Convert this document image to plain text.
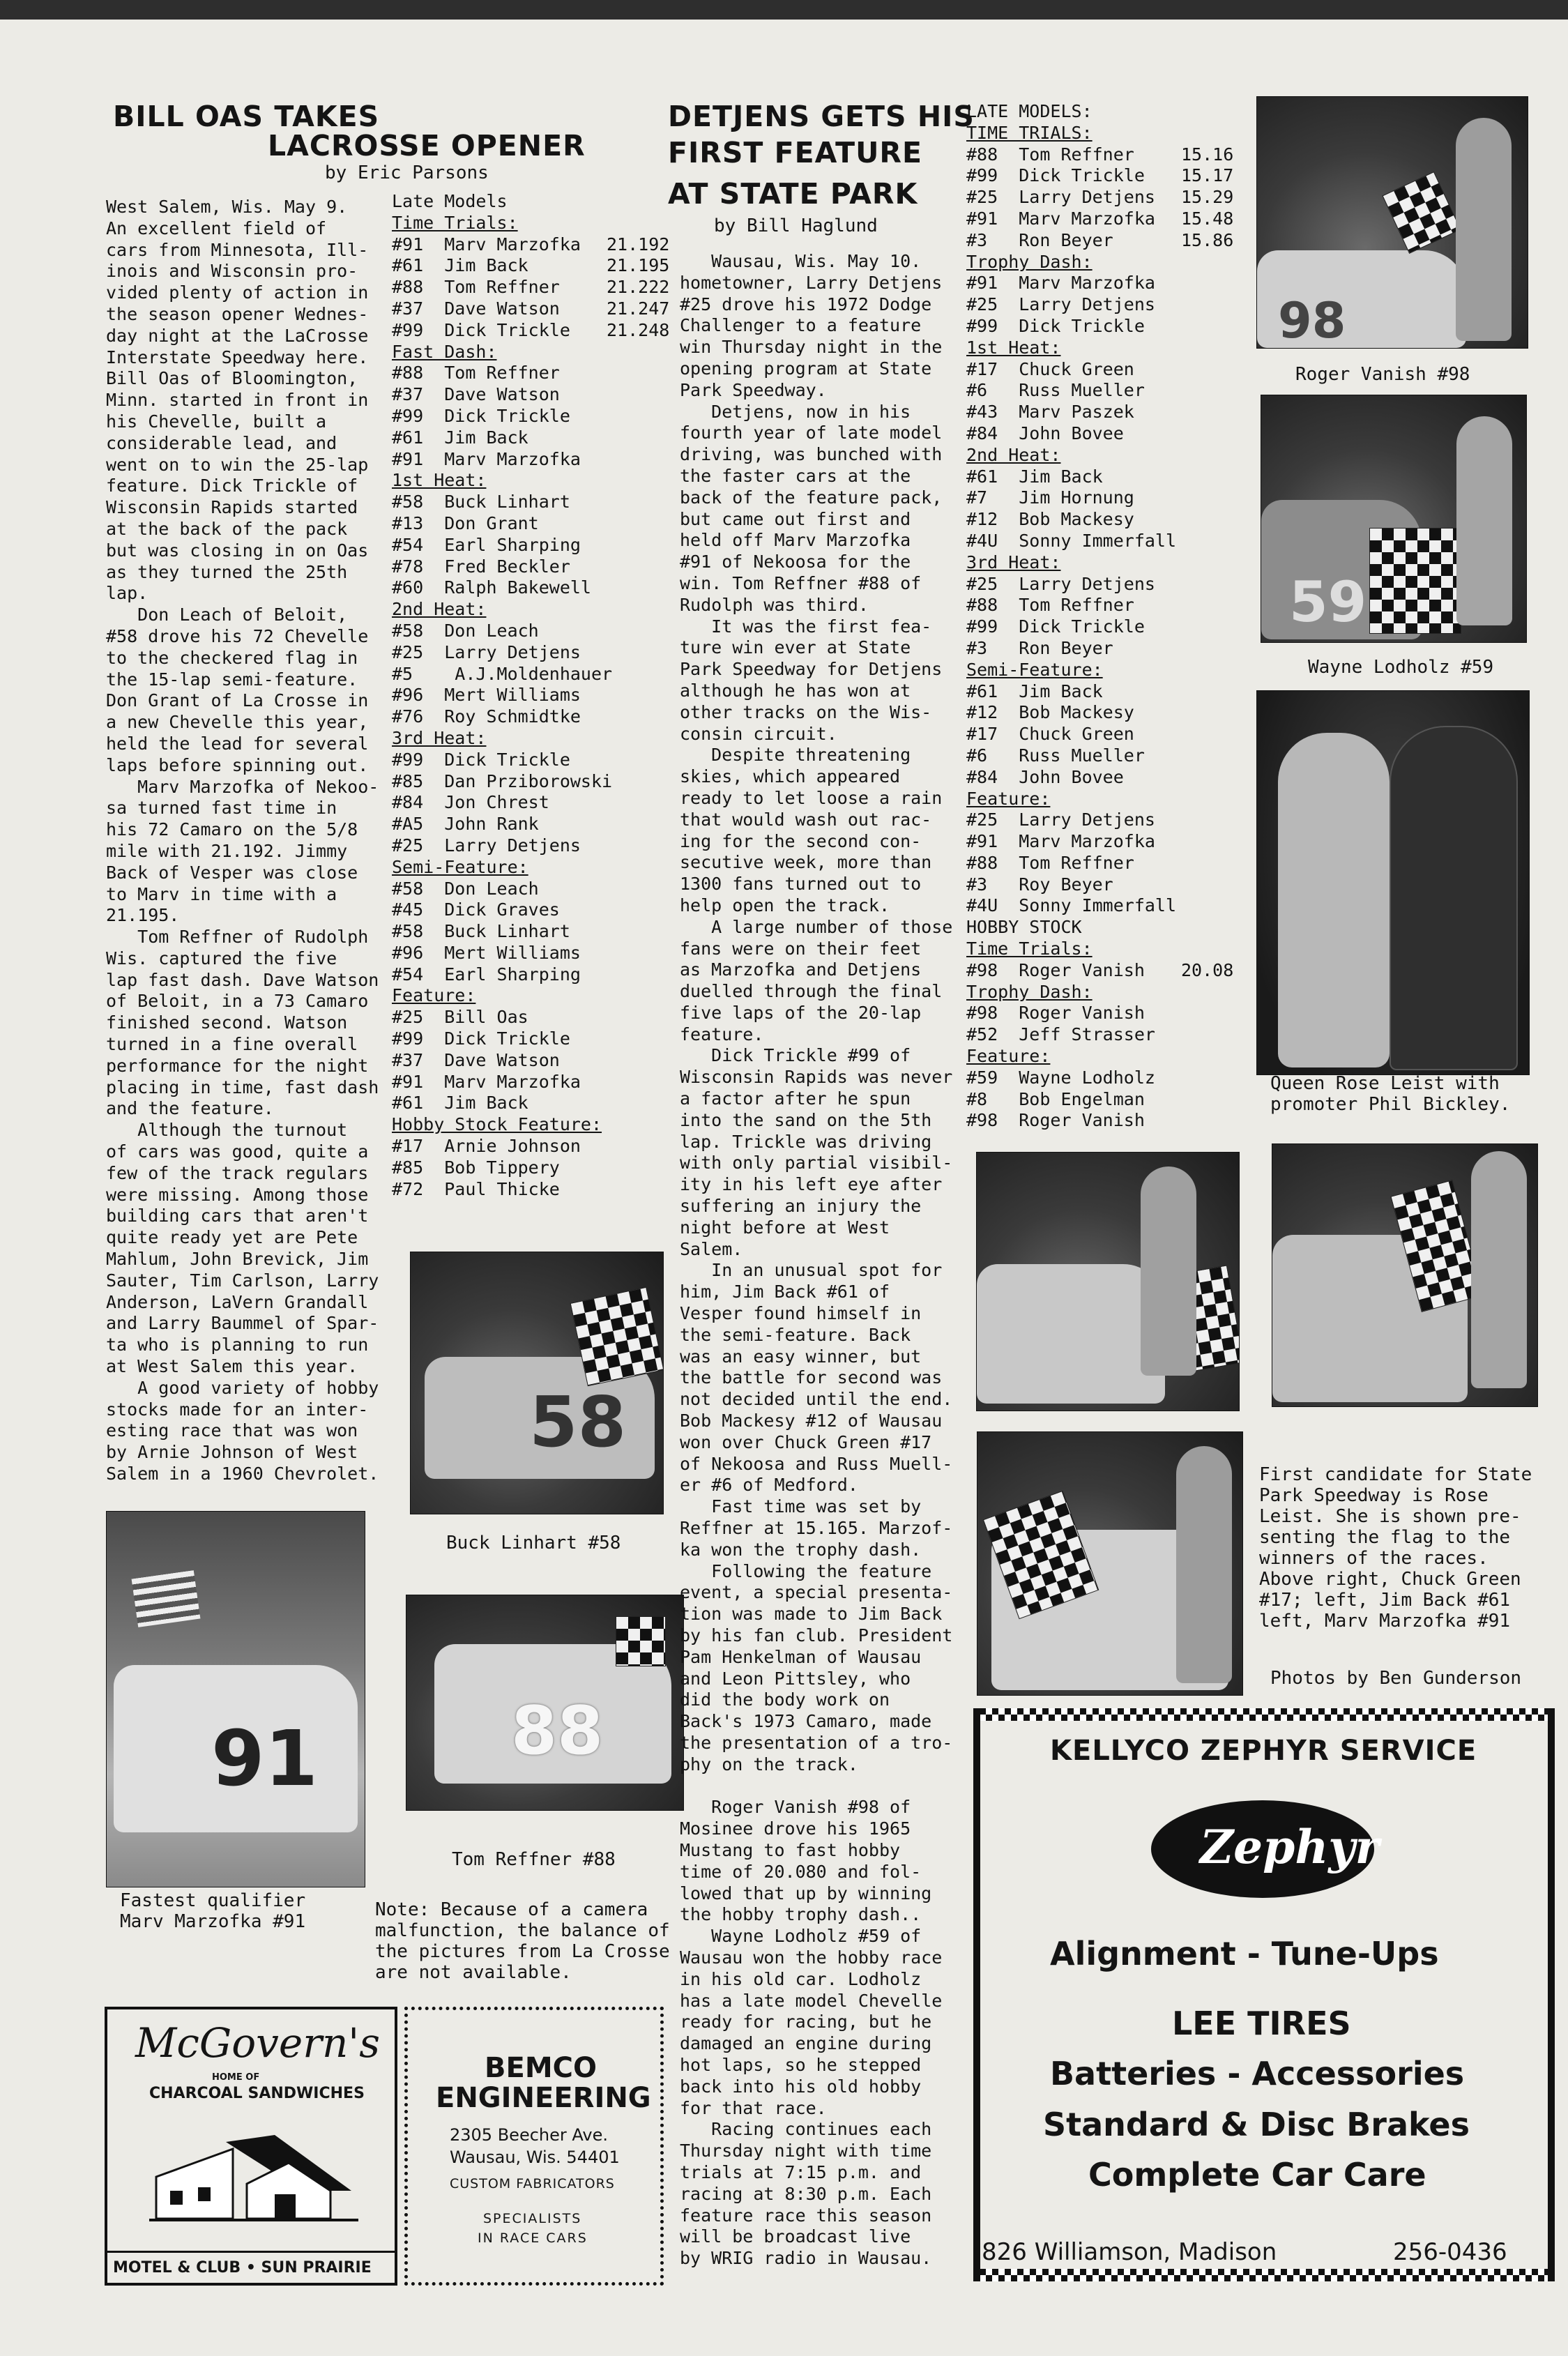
BILL OAS TAKES
LACROSSE OPENER
by Eric Parsons
West Salem, Wis. May 9.
An excellent field of
cars from Minnesota, Ill-
inois and Wisconsin pro-
vided plenty of action in
the season opener Wednes-
day night at the LaCrosse
Interstate Speedway here.
Bill Oas of Bloomington,
Minn. started in front in
his Chevelle, built a
considerable lead, and
went on to win the 25-lap
feature. Dick Trickle of
Wisconsin Rapids started
at the back of the pack
but was closing in on Oas
as they turned the 25th
lap.
Don Leach of Beloit,
#58 drove his 72 Chevelle
to the checkered flag in
the 15-lap semi-feature.
Don Grant of La Crosse in
a new Chevelle this year,
held the lead for several
laps before spinning out.
Marv Marzofka of Nekoo-
sa turned fast time in
his 72 Camaro on the 5/8
mile with 21.192. Jimmy
Back of Vesper was close
to Marv in time with a
21.195.
Tom Reffner of Rudolph
Wis. captured the five
lap fast dash. Dave Watson
of Beloit, in a 73 Camaro
finished second. Watson
turned in a fine overall
performance for the night
placing in time, fast dash
and the feature.
Although the turnout
of cars was good, quite a
few of the track regulars
were missing. Among those
building cars that aren't
quite ready yet are Pete
Mahlum, John Brevick, Jim
Sauter, Tim Carlson, Larry
Anderson, LaVern Grandall
and Larry Baummel of Spar-
ta who is planning to run
at West Salem this year.
A good variety of hobby
stocks made for an inter-
esting race that was won
by Arnie Johnson of West
Salem in a 1960 Chevrolet.
Late Models
Time Trials:
#91  Marv Marzofka 21.192
#61  Jim Back	21.195
#88  Tom Reffner	21.222
#37  Dave Watson	21.247
#99  Dick Trickle 21.248
Fast Dash:
#88  Tom Reffner
#37  Dave Watson
#99  Dick Trickle
#61  Jim Back
#91  Marv Marzofka
1st Heat:
#58  Buck Linhart
#13  Don Grant
#54  Earl Sharping
#78  Fred Beckler
#60  Ralph Bakewell
2nd Heat:
#58  Don Leach
#25  Larry Detjens
#5    A.J.Moldenhauer
#96  Mert Williams
#76  Roy Schmidtke
3rd Heat:
#99  Dick Trickle
#85  Dan Prziborowski
#84  Jon Chrest
#A5  John Rank
#25  Larry Detjens
Semi-Feature:
#58  Don Leach
#45  Dick Graves
#58  Buck Linhart
#96  Mert Williams
#54  Earl Sharping
Feature:
#25  Bill Oas
#99  Dick Trickle
#37  Dave Watson
#91  Marv Marzofka
#61  Jim Back
Hobby Stock Feature:
#17  Arnie Johnson
#85  Bob Tippery
#72  Paul Thicke
58
Buck Linhart #58
88
Tom Reffner #88
91
Fastest qualifier
Marv Marzofka #91
Note: Because of a camera
malfunction, the balance of
the pictures from La Crosse
are not available.
DETJENS GETS HIS
FIRST FEATURE
AT STATE PARK
by Bill Haglund
Wausau, Wis. May 10.
hometowner, Larry Detjens
#25 drove his 1972 Dodge
Challenger to a feature
win Thursday night in the
opening program at State
Park Speedway.
Detjens, now in his
fourth year of late model
driving, was bunched with
the faster cars at the
back of the feature pack,
but came out first and
held off Marv Marzofka
#91 of Nekoosa for the
win. Tom Reffner #88 of
Rudolph was third.
It was the first fea-
ture win ever at State
Park Speedway for Detjens
although he has won at
other tracks on the Wis-
consin circuit.
Despite threatening
skies, which appeared
ready to let loose a rain
that would wash out rac-
ing for the second con-
secutive week, more than
1300 fans turned out to
help open the track.
A large number of those
fans were on their feet
as Marzofka and Detjens
duelled through the final
five laps of the 20-lap
feature.
Dick Trickle #99 of
Wisconsin Rapids was never
a factor after he spun
into the sand on the 5th
lap. Trickle was driving
with only partial visibil-
ity in his left eye after
suffering an injury the
night before at West
Salem.
In an unusual spot for
him, Jim Back #61 of
Vesper found himself in
the semi-feature. Back
was an easy winner, but
the battle for second was
not decided until the end.
Bob Mackesy #12 of Wausau
won over Chuck Green #17
of Nekoosa and Russ Muell-
er #6 of Medford.
Fast time was set by
Reffner at 15.165. Marzof-
ka won the trophy dash.
Following the feature
event, a special presenta-
tion was made to Jim Back
by his fan club. President
Pam Henkelman of Wausau
and Leon Pittsley, who
did the body work on
Back's 1973 Camaro, made
the presentation of a tro-
phy on the track.

Roger Vanish #98 of
Mosinee drove his 1965
Mustang to fast hobby
time of 20.080 and fol-
lowed that up by winning
the hobby trophy dash..
Wayne Lodholz #59 of
Wausau won the hobby race
in his old car. Lodholz
has a late model Chevelle
ready for racing, but he
damaged an engine during
hot laps, so he stepped
back into his old hobby
for that race.
Racing continues each
Thursday night with time
trials at 7:15 p.m. and
racing at 8:30 p.m. Each
feature race this season
will be broadcast live
by WRIG radio in Wausau.
LATE MODELS:
TIME TRIALS:
#88  Tom Reffner	15.16
#99  Dick Trickle 15.17
#25  Larry Detjens 15.29
#91  Marv Marzofka 15.48
#3   Ron Beyer	15.86
Trophy Dash:
#91  Marv Marzofka
#25  Larry Detjens
#99  Dick Trickle
1st Heat:
#17  Chuck Green
#6   Russ Mueller
#43  Marv Paszek
#84  John Bovee
2nd Heat:
#61  Jim Back
#7   Jim Hornung
#12  Bob Mackesy
#4U  Sonny Immerfall
3rd Heat:
#25  Larry Detjens
#88  Tom Reffner
#99  Dick Trickle
#3   Ron Beyer
Semi-Feature:
#61  Jim Back
#12  Bob Mackesy
#17  Chuck Green
#6   Russ Mueller
#84  John Bovee
Feature:
#25  Larry Detjens
#91  Marv Marzofka
#88  Tom Reffner
#3   Roy Beyer
#4U  Sonny Immerfall
HOBBY STOCK
Time Trials:
#98  Roger Vanish 20.08
Trophy Dash:
#98  Roger Vanish
#52  Jeff Strasser
Feature:
#59  Wayne Lodholz
#8   Bob Engelman
#98  Roger Vanish
98
Roger Vanish #98
59
Wayne Lodholz #59
Queen Rose Leist with
promoter Phil Bickley.
First candidate for State
Park Speedway is Rose
Leist. She is shown pre-
senting the flag to the
winners of the races.
Above right, Chuck Green
#17; left, Jim Back #61
left, Marv Marzofka #91
Photos by Ben Gunderson
McGovern's
HOME OF
CHARCOAL SANDWICHES
MOTEL & CLUB • SUN PRAIRIE
BEMCO
ENGINEERING
2305 Beecher Ave.
Wausau, Wis. 54401
CUSTOM FABRICATORS
SPECIALISTS
IN RACE CARS
KELLYCO ZEPHYR SERVICE
Zephyr
Alignment - Tune-Ups
LEE TIRES
Batteries - Accessories
Standard & Disc Brakes
Complete Car Care
826 Williamson, Madison	256-0436
